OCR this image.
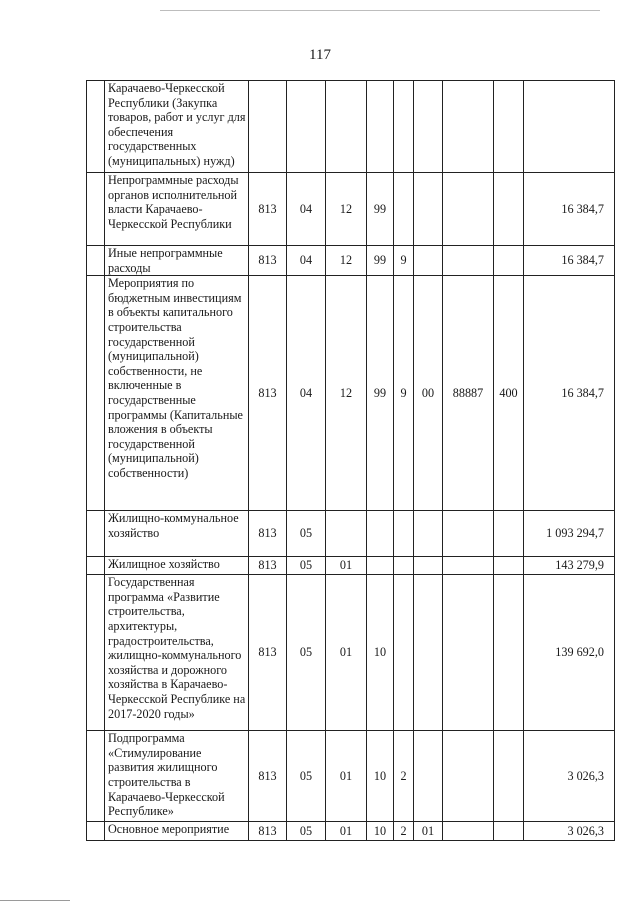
117
	Карачаево-Черкесской Республики (Закупка товаров, работ и услуг для обеспечения государственных (муниципальных) нужд)									
	Непрограммные расходы органов исполнительной власти Карачаево-Черкесской Республики	813	04	12	99					16 384,7
	Иные непрограммные расходы	813	04	12	99	9				16 384,7
	Мероприятия по бюджетным инвестициям в объекты капитального строительства государственной (муниципальной) собственности, не включенные в государственные программы (Капитальные вложения в объекты государственной (муниципальной) собственности)	813	04	12	99	9	00	88887	400	16 384,7
	Жилищно-коммунальное хозяйство	813	05							1 093 294,7
	Жилищное хозяйство	813	05	01						143 279,9
	Государственная программа «Развитие строительства, архитектуры, градостроительства, жилищно-коммунального хозяйства и дорожного хозяйства в Карачаево-Черкесской Республике на 2017-2020 годы»	813	05	01	10					139 692,0
	Подпрограмма «Стимулирование развития жилищного строительства в Карачаево-Черкесской Республике»	813	05	01	10	2				3 026,3
	Основное мероприятие	813	05	01	10	2	01			3 026,3
